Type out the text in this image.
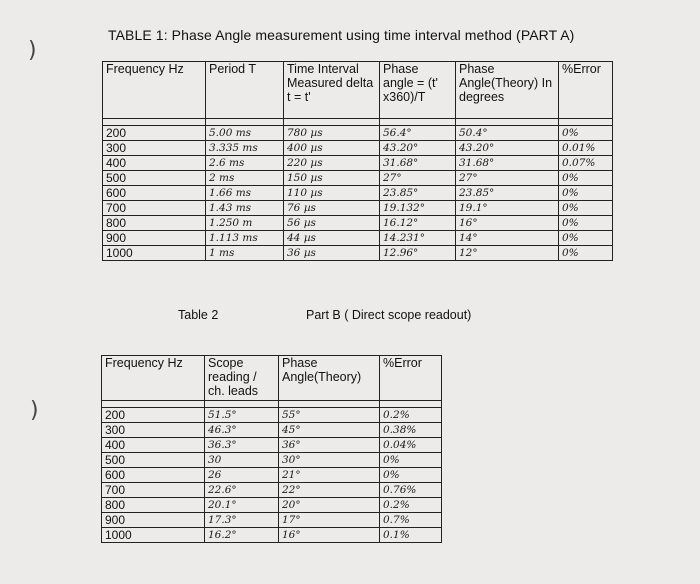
)
)
TABLE 1: Phase Angle measurement using time interval method (PART A)
Frequency Hz	Period T	Time Interval Measured delta t = t'	Phase angle = (t' x360)/T	Phase Angle(Theory) In degrees	%Error

200	5.00 ms	780 µs	56.4°	50.4°	0%
300	3.335 ms	400 µs	43.20°	43.20°	0.01%
400	2.6 ms	220 µs	31.68°	31.68°	0.07%
500	2 ms	150 µs	27°	27°	0%
600	1.66 ms	110 µs	23.85°	23.85°	0%
700	1.43 ms	76 µs	19.132°	19.1°	0%
800	1.250 m	56 µs	16.12°	16°	0%
900	1.113 ms	44 µs	14.231°	14°	0%
1000	1 ms	36 µs	12.96°	12°	0%
Table 2	Part B ( Direct scope readout)
Frequency Hz	Scope reading / ch. leads	Phase Angle(Theory)	%Error

200	51.5°	55°	0.2%
300	46.3°	45°	0.38%
400	36.3°	36°	0.04%
500	30	30°	0%
600	26	21°	0%
700	22.6°	22°	0.76%
800	20.1°	20°	0.2%
900	17.3°	17°	0.7%
1000	16.2°	16°	0.1%
